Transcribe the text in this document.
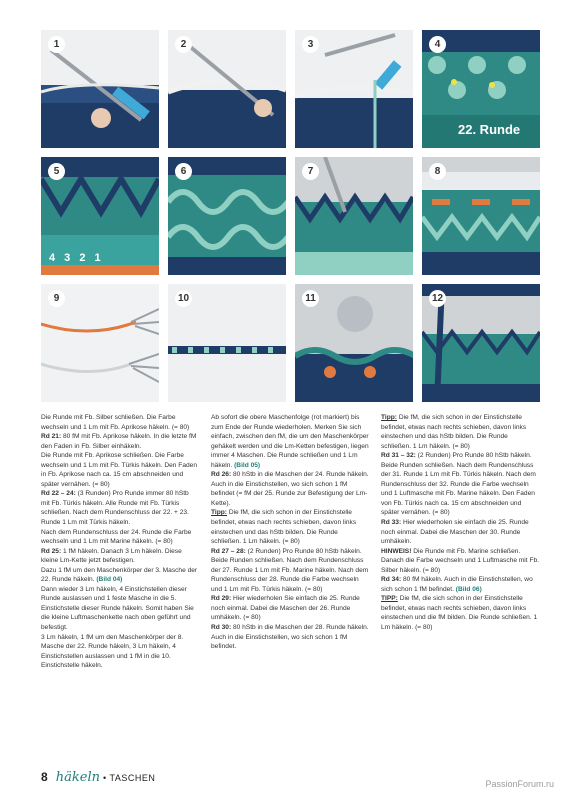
1	2	3	4
22. Runde
5
4 3 2 1
6	7	8
9	10	11	12

Die Runde mit Fb. Silber schließen. Die Farbe wechseln und 1 Lm mit Fb. Aprikose häkeln. (= 80)

Rd 21: 80 fM mit Fb. Aprikose häkeln. In die letzte fM den Faden in Fb. Silber einhäkeln.

Die Runde mit Fb. Aprikose schließen. Die Farbe wechseln und 1 Lm mit Fb. Türkis häkeln. Den Faden in Fb. Aprikose nach ca. 15 cm abschneiden und später vernähen. (= 80)

Rd 22 – 24: (3 Runden) Pro Runde immer 80 hStb mit Fb. Türkis häkeln. Alle Runde mit Fb. Türkis schließen. Nach dem Rundenschluss der 22. + 23. Runde 1 Lm mit Türkis häkeln.

Nach dem Rundenschluss der 24. Runde die Farbe wechseln und 1 Lm mit Marine häkeln. (= 80)

Rd 25: 1 fM häkeln. Danach 3 Lm häkeln. Diese kleine Lm-Kette jetzt befestigen.

Dazu 1 fM um den Maschenkörper der 3. Masche der 22. Runde häkeln. (Bild 04)

Dann wieder 3 Lm häkeln, 4 Einstichstellen dieser Runde auslassen und 1 feste Masche in die 5. Einstichstelle dieser Runde häkeln. Somit haben Sie die kleine Luftmaschenkette nach oben geführt und befestigt.

3 Lm häkeln, 1 fM um den Maschenkörper der 8. Masche der 22. Runde häkeln, 3 Lm häkeln, 4 Einstichstellen auslassen und 1 fM in die 10. Einstichstelle häkeln.

Ab sofort die obere Maschenfolge (rot markiert) bis zum Ende der Runde wiederholen. Merken Sie sich einfach, zwischen den fM, die um den Maschenkörper gehäkelt werden und die Lm-Ketten befestigen, liegen immer 4 Maschen. Die Runde schließen und 1 Lm häkeln. (Bild 05)

Rd 26: 80 hStb in die Maschen der 24. Runde häkeln. Auch in die Einstichstellen, wo sich schon 1 fM befindet (= fM der 25. Runde zur Befestigung der Lm-Kette).

Tipp: Die fM, die sich schon in der Einstichstelle befindet, etwas nach rechts schieben, davon links einstechen und das hStb bilden. Die Runde schließen. 1 Lm häkeln. (= 80)

Rd 27 – 28: (2 Runden) Pro Runde 80 hStb häkeln. Beide Runden schließen. Nach dem Rundenschluss der 27. Runde 1 Lm mit Fb. Marine häkeln. Nach dem Rundenschluss der 28. Runde die Farbe wechseln und 1 Lm mit Fb. Türkis häkeln. (= 80)

Rd 29: Hier wiederholen Sie einfach die 25. Runde noch einmal. Dabei die Maschen der 26. Runde umhäkeln. (= 80)

Rd 30: 80 hStb in die Maschen der 28. Runde häkeln. Auch in die Einstichstellen, wo sich schon 1 fM befindet.

Tipp: Die fM, die sich schon in der Einstichstelle befindet, etwas nach rechts schieben, davon links einstechen und das hStb bilden. Die Runde schließen. 1 Lm häkeln. (= 80)

Rd 31 – 32: (2 Runden) Pro Runde 80 hStb häkeln. Beide Runden schließen. Nach dem Rundenschluss der 31. Runde 1 Lm mit Fb. Türkis häkeln. Nach dem Rundenschluss der 32. Runde die Farbe wechseln und 1 Luftmasche mit Fb. Marine häkeln. Den Faden von Fb. Türkis nach ca. 15 cm abschneiden und später vernähen. (= 80)

Rd 33: Hier wiederholen sie einfach die 25. Runde noch einmal. Dabei die Maschen der 30. Runde umhäkeln.

HINWEIS! Die Runde mit Fb. Marine schließen. Danach die Farbe wechseln und 1 Luftmasche mit Fb. Silber häkeln. (= 80)

Rd 34: 80 fM häkeln. Auch in die Einstichstellen, wo sich schon 1 fM befindet. (Bild 06)

TIPP: Die fM, die sich schon in der Einstichstelle befindet, etwas nach rechts schieben, davon links einstechen und die fM bilden. Die Runde schließen. 1 Lm häkeln. (= 80)

8 häkeln • TASCHEN
PassionForum.ru
